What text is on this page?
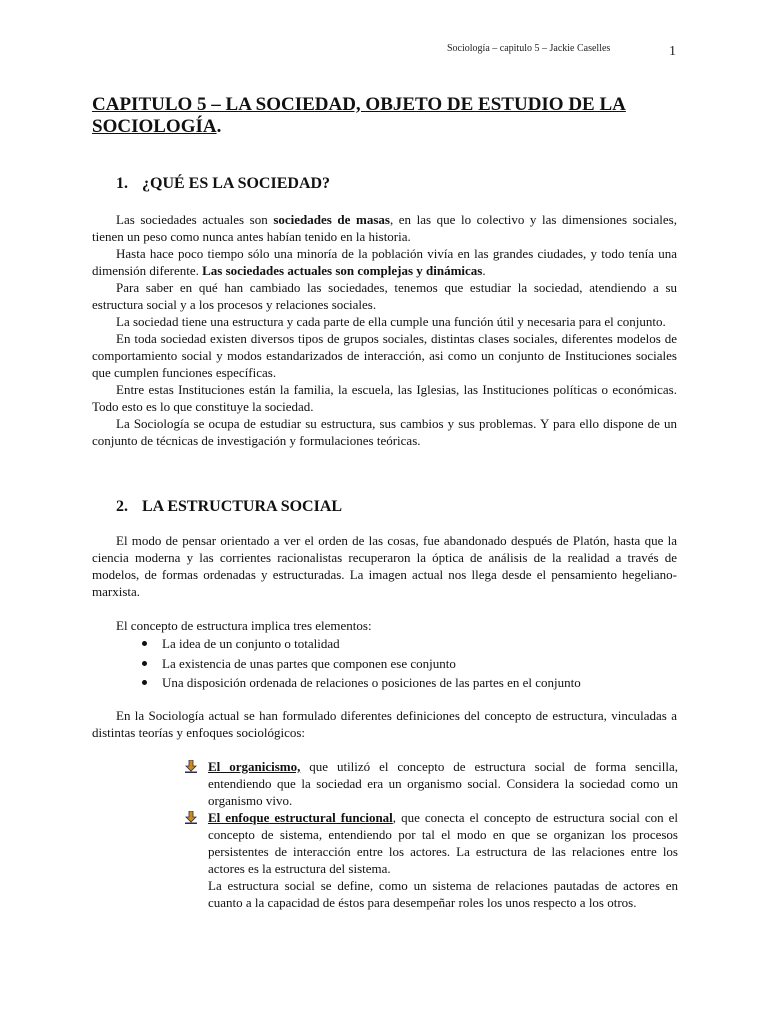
Sociología – capitulo 5 – Jackie Caselles	1
CAPITULO 5 – LA SOCIEDAD, OBJETO DE ESTUDIO DE LA SOCIOLOGÍA.
1. ¿QUÉ ES LA SOCIEDAD?

Las sociedades actuales son sociedades de masas, en las que lo colectivo y las dimensiones sociales, tienen un peso como nunca antes habían tenido en la historia.

Hasta hace poco tiempo sólo una minoría de la población vivía en las grandes ciudades, y todo tenía una dimensión diferente. Las sociedades actuales son complejas y dinámicas.

Para saber en qué han cambiado las sociedades, tenemos que estudiar la sociedad, atendiendo a su estructura social y a los procesos y relaciones sociales.

La sociedad tiene una estructura y cada parte de ella cumple una función útil y necesaria para el conjunto.

En toda sociedad existen diversos tipos de grupos sociales, distintas clases sociales, diferentes modelos de comportamiento social y modos estandarizados de interacción, asi como un conjunto de Instituciones sociales que cumplen funciones específicas.

Entre estas Instituciones están la familia, la escuela, las Iglesias, las Instituciones políticas o económicas. Todo esto es lo que constituye la sociedad.

La Sociología se ocupa de estudiar su estructura, sus cambios y sus problemas. Y para ello dispone de un conjunto de técnicas de investigación y formulaciones teóricas.

2. LA ESTRUCTURA SOCIAL

El modo de pensar orientado a ver el orden de las cosas, fue abandonado después de Platón, hasta que la ciencia moderna y las corrientes racionalistas recuperaron la óptica de análisis de la realidad a través de modelos, de formas ordenadas y estructuradas. La imagen actual nos llega desde el pensamiento hegeliano-marxista.

El concepto de estructura implica tres elementos:

La idea de un conjunto o totalidad
La existencia de unas partes que componen ese conjunto
Una disposición ordenada de relaciones o posiciones de las partes en el conjunto

En la Sociología actual se han formulado diferentes definiciones del concepto de estructura, vinculadas a distintas teorías y enfoques sociológicos:

El organicismo, que utilizó el concepto de estructura social de forma sencilla, entendiendo que la sociedad era un organismo social. Considera la sociedad como un organismo vivo.
El enfoque estructural funcional, que conecta el concepto de estructura social con el concepto de sistema, entendiendo por tal el modo en que se organizan los procesos persistentes de interacción entre los actores. La estructura de las relaciones entre los actores es la estructura del sistema.
La estructura social se define, como un sistema de relaciones pautadas de actores en cuanto a la capacidad de éstos para desempeñar roles los unos respecto a los otros.
